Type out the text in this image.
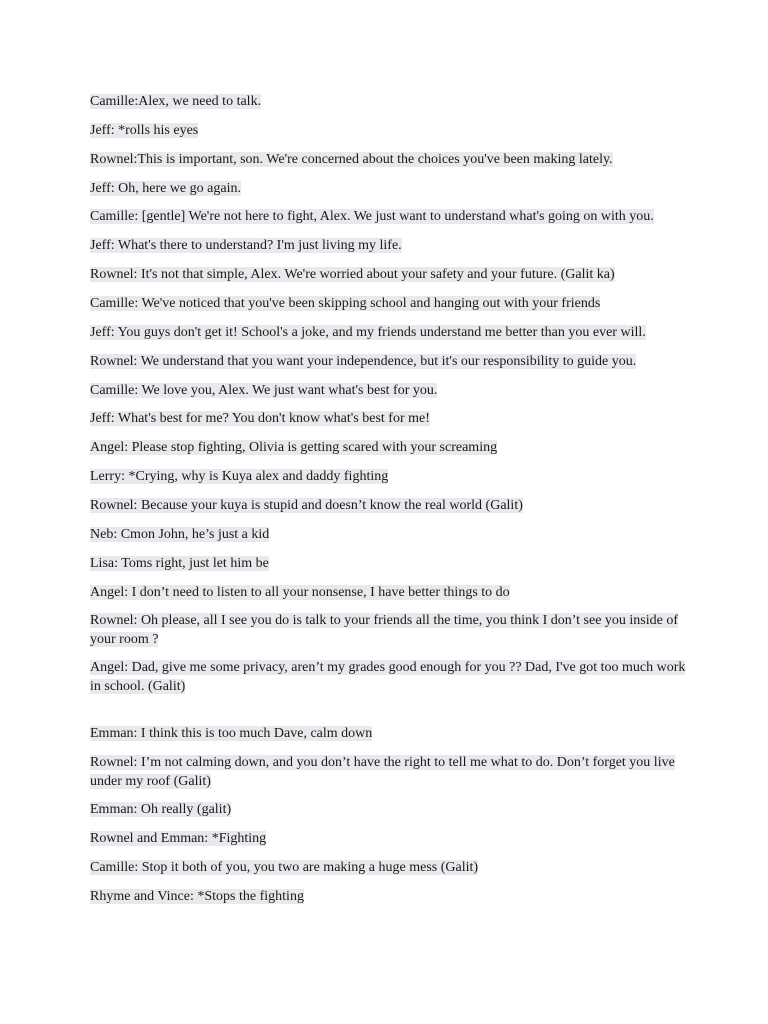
Camille:Alex, we need to talk.
Jeff: *rolls his eyes
Rownel:This is important, son. We're concerned about the choices you've been making lately.
Jeff: Oh, here we go again.
Camille: [gentle] We're not here to fight, Alex. We just want to understand what's going on with you.
Jeff: What's there to understand? I'm just living my life.
Rownel: It's not that simple, Alex. We're worried about your safety and your future. (Galit ka)
Camille: We've noticed that you've been skipping school and hanging out with your friends
Jeff: You guys don't get it! School's a joke, and my friends understand me better than you ever will.
Rownel: We understand that you want your independence, but it's our responsibility to guide you.
Camille: We love you, Alex. We just want what's best for you.
Jeff: What's best for me? You don't know what's best for me!
Angel: Please stop fighting, Olivia is getting scared with your screaming
Lerry: *Crying, why is Kuya alex and daddy fighting
Rownel: Because your kuya is stupid and doesn’t know the real world (Galit)
Neb: Cmon John, he’s just a kid
Lisa: Toms right, just let him be
Angel: I don’t need to listen to all your nonsense, I have better things to do
Rownel: Oh please, all I see you do is talk to your friends all the time, you think I don’t see you inside of your room ?
Angel: Dad, give me some privacy, aren’t my grades good enough for you ?? Dad, I've got too much work in school. (Galit)
Emman: I think this is too much Dave, calm down
Rownel: I’m not calming down, and you don’t have the right to tell me what to do. Don’t forget you live under my roof (Galit)
Emman: Oh really (galit)
Rownel and Emman: *Fighting
Camille: Stop it both of you, you two are making a huge mess (Galit)
Rhyme and Vince: *Stops the fighting
